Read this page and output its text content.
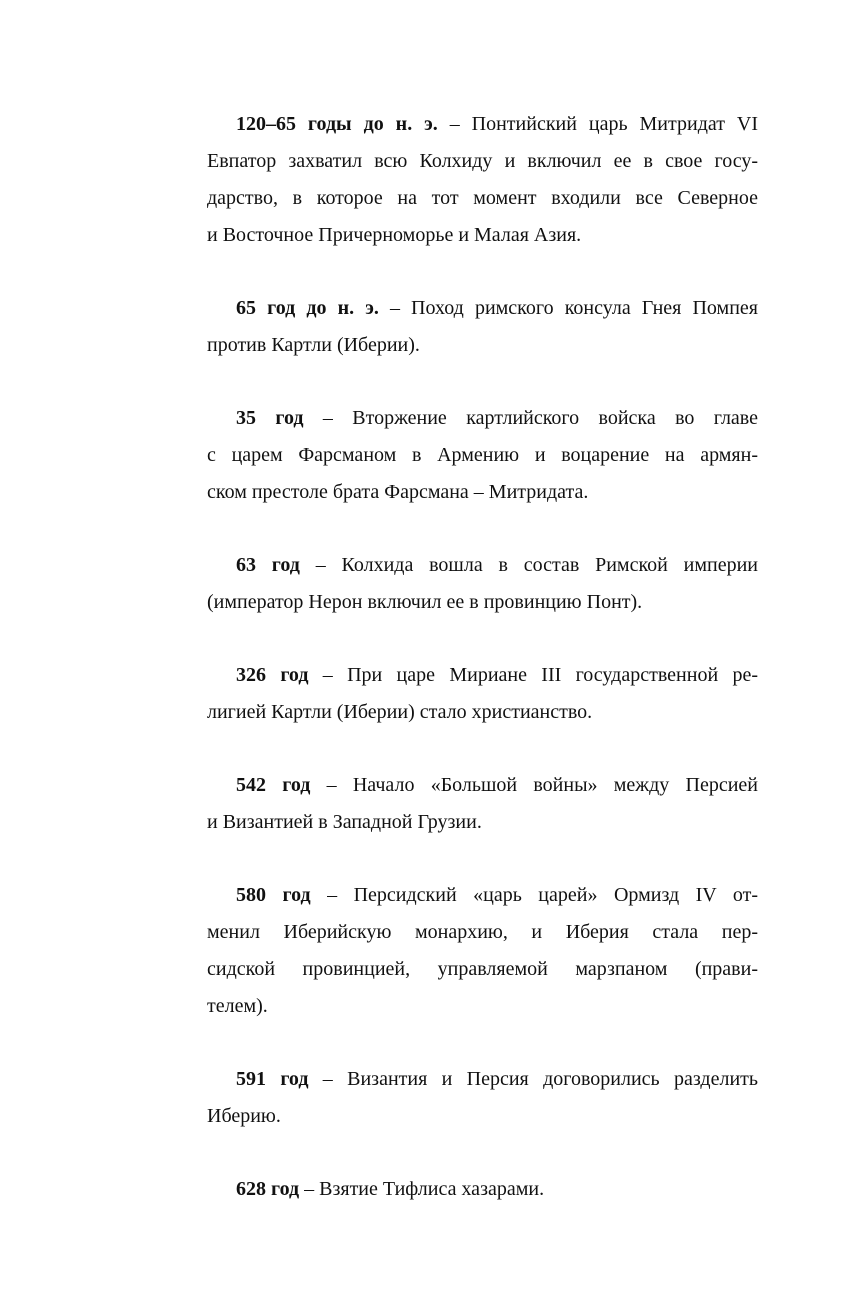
120–65 годы до н. э. – Понтийский царь Митридат VI
Евпатор захватил всю Колхиду и включил ее в свое госу-
дарство, в которое на тот момент входили все Северное
и Восточное Причерноморье и Малая Азия.
65 год до н. э. – Поход римского консула Гнея Помпея
против Картли (Иберии).
35 год – Вторжение картлийского войска во главе
с царем Фарсманом в Армению и воцарение на армян-
ском престоле брата Фарсмана – Митридата.
63 год – Колхида вошла в состав Римской империи
(император Нерон включил ее в провинцию Понт).
326 год – При царе Мириане III государственной ре-
лигией Картли (Иберии) стало христианство.
542 год – Начало «Большой войны» между Персией
и Византией в Западной Грузии.
580 год – Персидский «царь царей» Ормизд IV от-
менил Иберийскую монархию, и Иберия стала пер-
сидской провинцией, управляемой марзпаном (прави-
телем).
591 год – Византия и Персия договорились разделить
Иберию.
628 год – Взятие Тифлиса хазарами.
